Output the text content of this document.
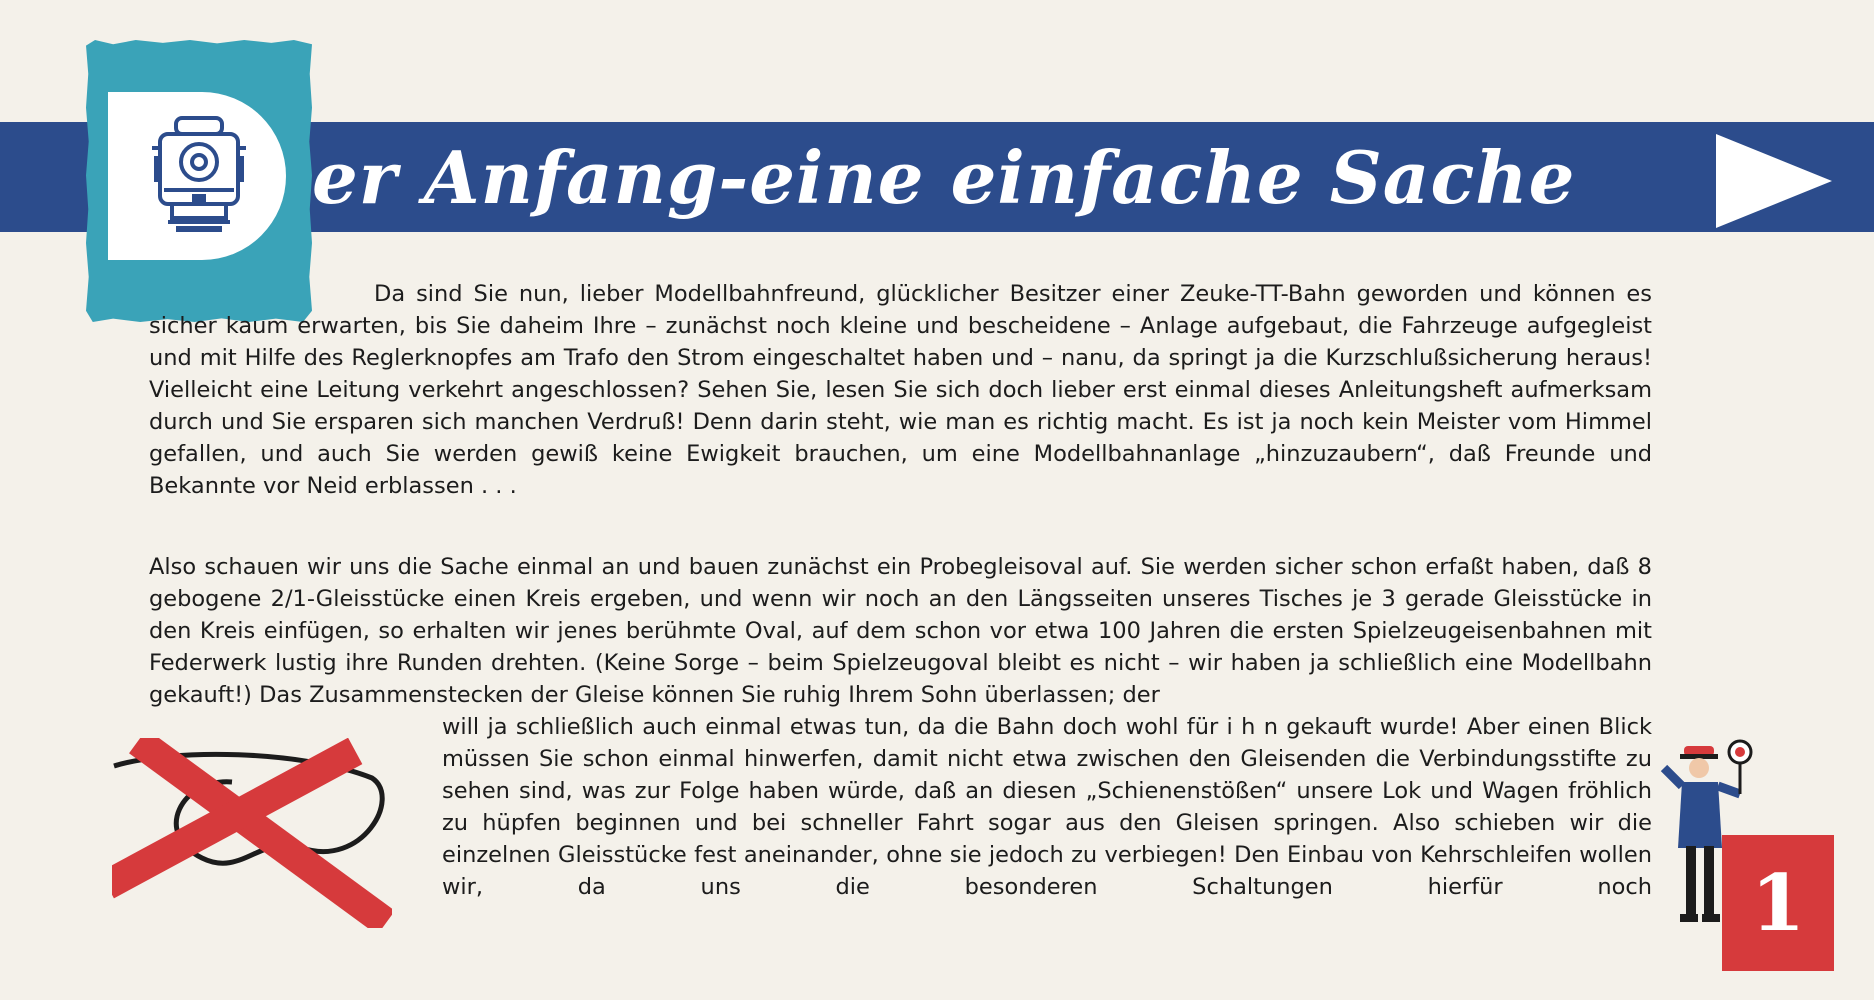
er Anfang-eine einfache Sache

Da sind Sie nun, lieber Modellbahnfreund, glücklicher Besitzer einer Zeuke-TT-Bahn geworden und können es sicher kaum erwarten, bis Sie daheim Ihre – zunächst noch kleine und bescheidene – Anlage aufgebaut, die Fahrzeuge aufgegleist und mit Hilfe des Reglerknopfes am Trafo den Strom eingeschaltet haben und – nanu, da springt ja die Kurzschlußsicherung heraus! Vielleicht eine Leitung verkehrt angeschlossen? Sehen Sie, lesen Sie sich doch lieber erst einmal dieses Anleitungsheft aufmerksam durch und Sie ersparen sich manchen Verdruß! Denn darin steht, wie man es richtig macht. Es ist ja noch kein Meister vom Himmel gefallen, und auch Sie werden gewiß keine Ewigkeit brauchen, um eine Modellbahnanlage „hinzuzaubern“, daß Freunde und Bekannte vor Neid erblassen . . .

Also schauen wir uns die Sache einmal an und bauen zunächst ein Probegleisoval auf. Sie werden sicher schon erfaßt haben, daß 8 gebogene 2/1-Gleisstücke einen Kreis ergeben, und wenn wir noch an den Längsseiten unseres Tisches je 3 gerade Gleisstücke in den Kreis einfügen, so erhalten wir jenes berühmte Oval, auf dem schon vor etwa 100 Jahren die ersten Spielzeugeisenbahnen mit Federwerk lustig ihre Runden drehten. (Keine Sorge – beim Spielzeugoval bleibt es nicht – wir haben ja schließlich eine Modellbahn gekauft!) Das Zusammenstecken der Gleise können Sie ruhig Ihrem Sohn überlassen; der

will ja schließlich auch einmal etwas tun, da die Bahn doch wohl für i h n gekauft wurde! Aber einen Blick müssen Sie schon einmal hinwerfen, damit nicht etwa zwischen den Gleisenden die Verbindungsstifte zu sehen sind, was zur Folge haben würde, daß an diesen „Schienenstößen“ unsere Lok und Wagen fröhlich zu hüpfen beginnen und bei schneller Fahrt sogar aus den Gleisen springen. Also schieben wir die einzelnen Gleisstücke fest aneinander, ohne sie jedoch zu verbiegen! Den Einbau von Kehrschleifen wollen wir, da uns die besonderen Schaltungen hierfür noch	1
